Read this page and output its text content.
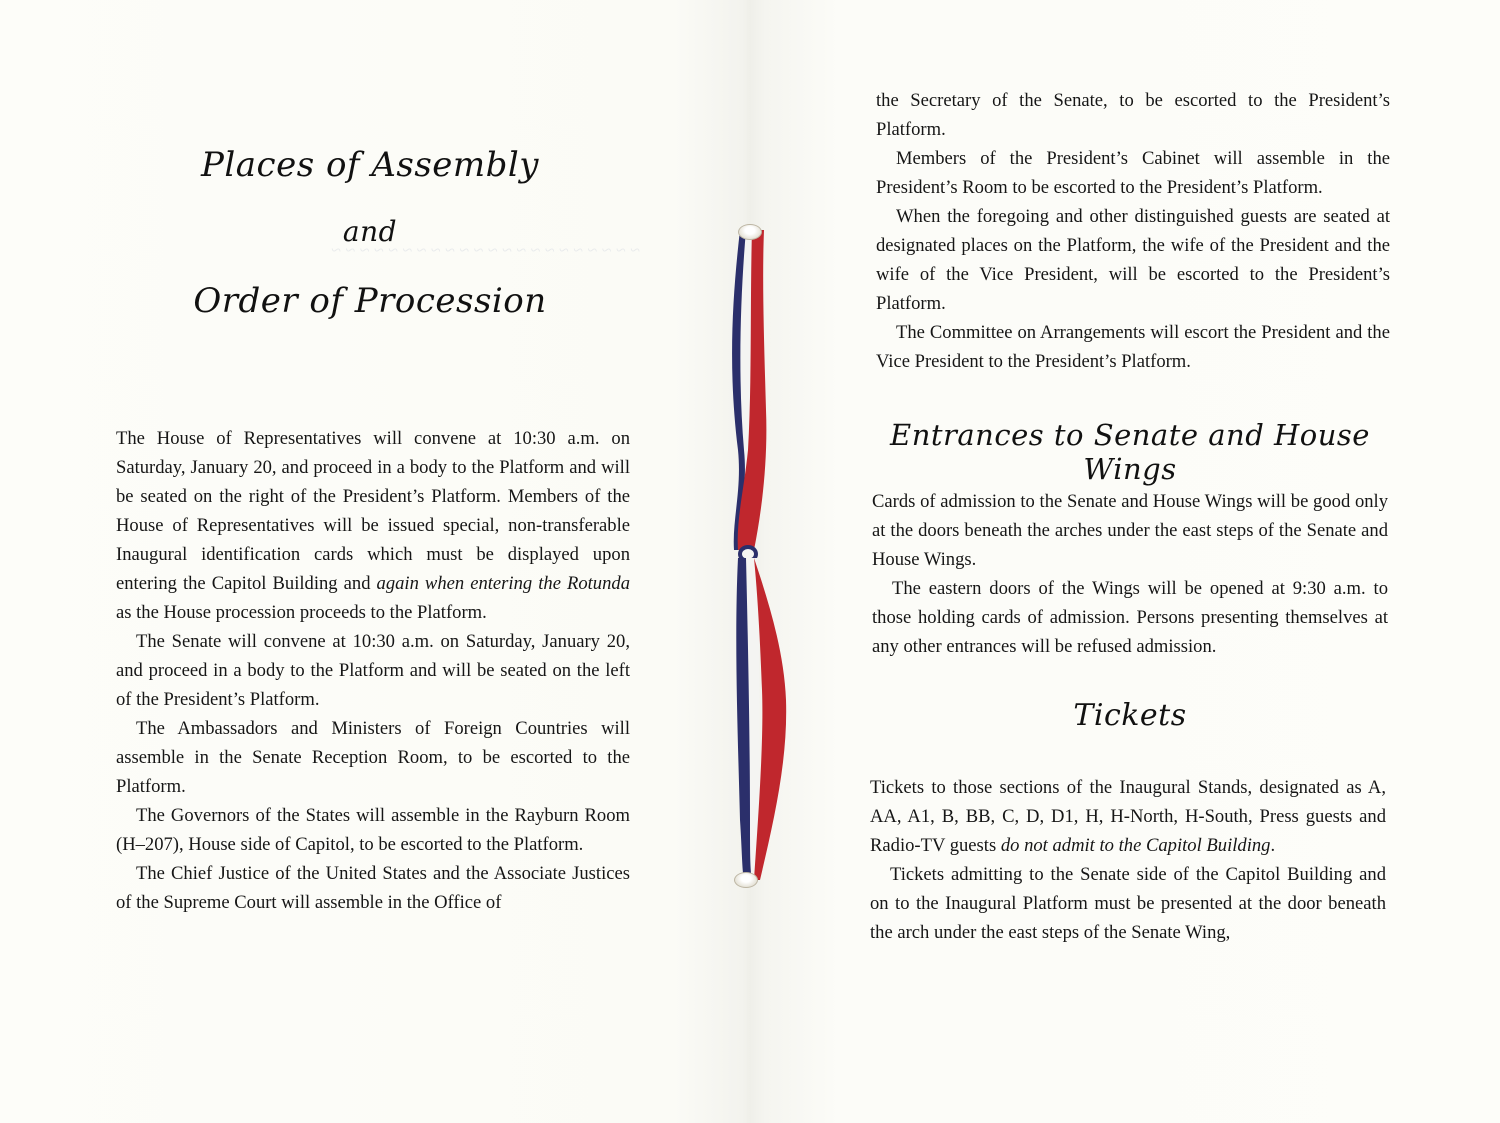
~ ~ ~ ~ ~ ~ ~ ~ ~ ~ ~ ~ ~ ~ ~ ~ ~ ~ ~ ~ ~ ~
Places of Assembly
and
Order of Procession

The House of Representatives will convene at 10:30 a.m. on Saturday, January 20, and proceed in a body to the Platform and will be seated on the right of the President’s Platform. Members of the House of Representatives will be issued special, non-transferable Inaugural identification cards which must be displayed upon entering the Capitol Building and again when entering the Rotunda as the House procession proceeds to the Platform.

The Senate will convene at 10:30 a.m. on Saturday, January 20, and proceed in a body to the Platform and will be seated on the left of the President’s Platform.

The Ambassadors and Ministers of Foreign Countries will assemble in the Senate Reception Room, to be escorted to the Platform.

The Governors of the States will assemble in the Rayburn Room (H–207), House side of Capitol, to be escorted to the Platform.

The Chief Justice of the United States and the Associate Justices of the Supreme Court will assemble in the Office of

the Secretary of the Senate, to be escorted to the President’s Platform.

Members of the President’s Cabinet will assemble in the President’s Room to be escorted to the President’s Platform.

When the foregoing and other distinguished guests are seated at designated places on the Platform, the wife of the President and the wife of the Vice President, will be escorted to the President’s Platform.

The Committee on Arrangements will escort the President and the Vice President to the President’s Platform.

Entrances to Senate and House Wings

Cards of admission to the Senate and House Wings will be good only at the doors beneath the arches under the east steps of the Senate and House Wings.

The eastern doors of the Wings will be opened at 9:30 a.m. to those holding cards of admission. Persons presenting themselves at any other entrances will be refused admission.

Tickets

Tickets to those sections of the Inaugural Stands, designated as A, AA, A1, B, BB, C, D, D1, H, H-North, H-South, Press guests and Radio-TV guests do not admit to the Capitol Building.

Tickets admitting to the Senate side of the Capitol Building and on to the Inaugural Platform must be presented at the door beneath the arch under the east steps of the Senate Wing,
